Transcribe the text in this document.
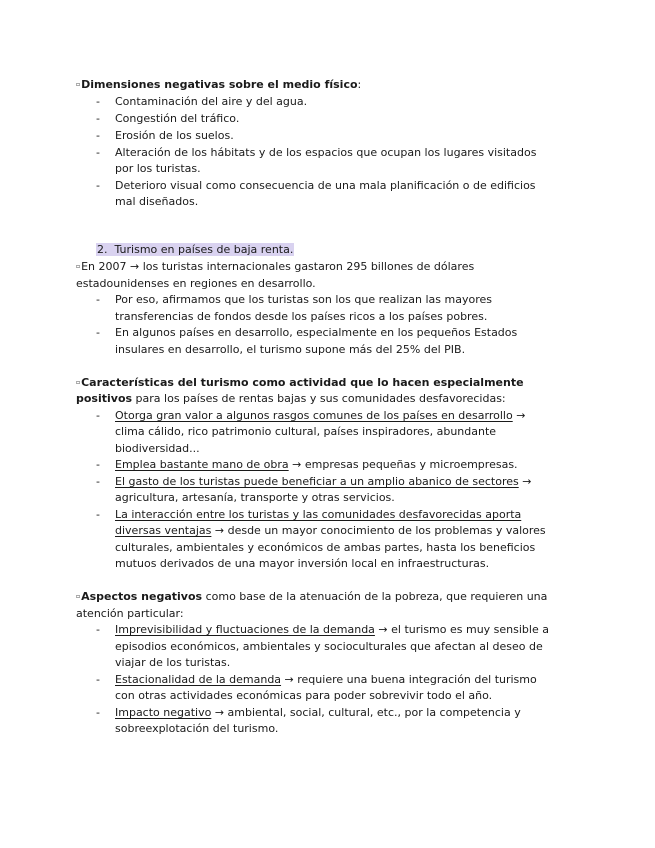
▫Dimensiones negativas sobre el medio físico:
- Contaminación del aire y del agua.
- Congestión del tráfico.
- Erosión de los suelos.
- Alteración de los hábitats y de los espacios que ocupan los lugares visitados
por los turistas.
- Deterioro visual como consecuencia de una mala planificación o de edificios
mal diseñados.
2. Turismo en países de baja renta.
▫En 2007 → los turistas internacionales gastaron 295 billones de dólares
estadounidenses en regiones en desarrollo.
- Por eso, afirmamos que los turistas son los que realizan las mayores
transferencias de fondos desde los países ricos a los países pobres.
- En algunos países en desarrollo, especialmente en los pequeños Estados
insulares en desarrollo, el turismo supone más del 25% del PIB.
▫Características del turismo como actividad que lo hacen especialmente
positivos para los países de rentas bajas y sus comunidades desfavorecidas:
- Otorga gran valor a algunos rasgos comunes de los países en desarrollo →
clima cálido, rico patrimonio cultural, países inspiradores, abundante
biodiversidad...
- Emplea bastante mano de obra → empresas pequeñas y microempresas.
- El gasto de los turistas puede beneficiar a un amplio abanico de sectores →
agricultura, artesanía, transporte y otras servicios.
- La interacción entre los turistas y las comunidades desfavorecidas aporta
diversas ventajas → desde un mayor conocimiento de los problemas y valores
culturales, ambientales y económicos de ambas partes, hasta los beneficios
mutuos derivados de una mayor inversión local en infraestructuras.
▫Aspectos negativos como base de la atenuación de la pobreza, que requieren una
atención particular:
- Imprevisibilidad y fluctuaciones de la demanda → el turismo es muy sensible a
episodios económicos, ambientales y socioculturales que afectan al deseo de
viajar de los turistas.
- Estacionalidad de la demanda → requiere una buena integración del turismo
con otras actividades económicas para poder sobrevivir todo el año.
- Impacto negativo → ambiental, social, cultural, etc., por la competencia y
sobreexplotación del turismo.
